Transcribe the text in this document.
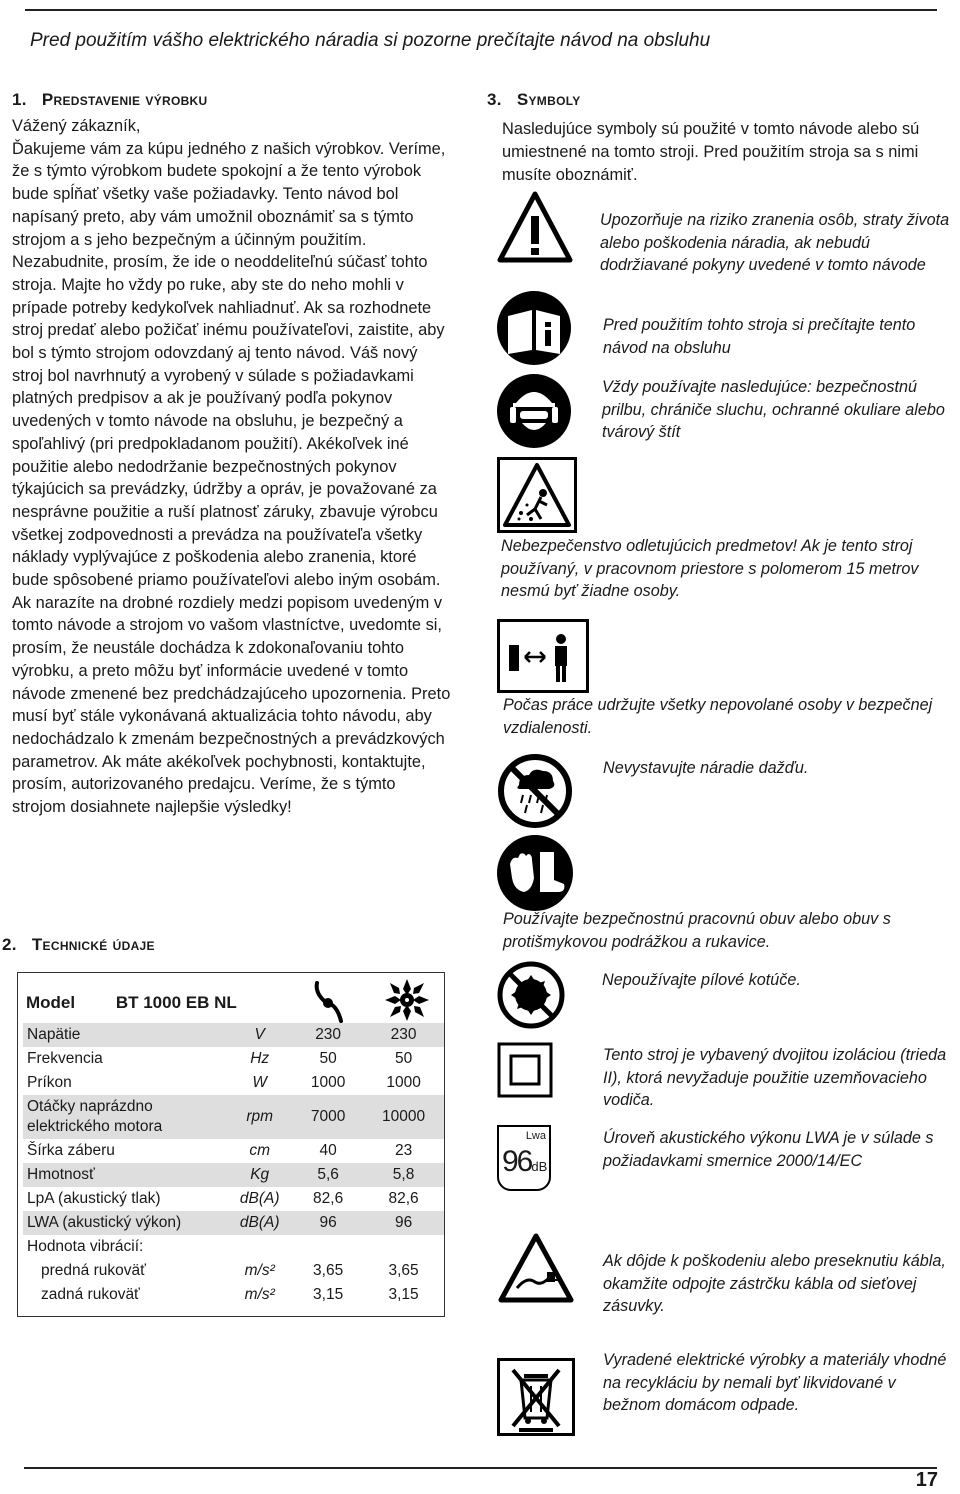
Pred použitím vášho elektrického náradia si pozorne prečítajte návod na obsluhu
1. Predstavenie výrobku
Vážený zákazník,
Ďakujeme vám za kúpu jedného z našich výrobkov. Veríme, že s týmto výrobkom budete spokojní a že tento výrobok bude spĺňať všetky vaše požiadavky. Tento návod bol napísaný preto, aby vám umožnil oboznámiť sa s týmto strojom a s jeho bezpečným a účinným použitím. Nezabudnite, prosím, že ide o neoddeliteľnú súčasť tohto stroja. Majte ho vždy po ruke, aby ste do neho mohli v prípade potreby kedykoľvek nahliadnuť. Ak sa rozhodnete stroj predať alebo požičať inému používateľovi, zaistite, aby bol s týmto strojom odovzdaný aj tento návod. Váš nový stroj bol navrhnutý a vyrobený v súlade s požiadavkami platných predpisov a ak je používaný podľa pokynov uvedených v tomto návode na obsluhu, je bezpečný a spoľahlivý (pri predpokladanom použití). Akékoľvek iné použitie alebo nedodržanie bezpečnostných pokynov týkajúcich sa prevádzky, údržby a opráv, je považované za nesprávne použitie a ruší platnosť záruky, zbavuje výrobcu všetkej zodpovednosti a prevádza na používateľa všetky náklady vyplývajúce z poškodenia alebo zranenia, ktoré bude spôsobené priamo používateľovi alebo iným osobám. Ak narazíte na drobné rozdiely medzi popisom uvedeným v tomto návode a strojom vo vašom vlastníctve, uvedomte si, prosím, že neustále dochádza k zdokonaľovaniu tohto výrobku, a preto môžu byť informácie uvedené v tomto návode zmenené bez predchádzajúceho upozornenia. Preto musí byť stále vykonávaná aktualizácia tohto návodu, aby nedochádzalo k zmenám bezpečnostných a prevádzkových parametrov. Ak máte akékoľvek pochybnosti, kontaktujte, prosím, autorizovaného predajcu. Veríme, že s týmto strojom dosiahnete najlepšie výsledky!
2. Technické údaje
Model BT 1000 EB NL
Napätie	V	230	230
Frekvencia	Hz	50	50
Príkon	W	1000	1000
Otáčky naprázdno elektrického motora	rpm	7000	10000
Šírka záberu	cm	40	23
Hmotnosť	Kg	5,6	5,8
LpA (akustický tlak)	dB(A)	82,6	82,6
LWA (akustický výkon)	dB(A)	96	96
Hodnota vibrácií:			
predná rukoväť	m/s²	3,65	3,65
zadná rukoväť	m/s²	3,15	3,15
3. Symboly
Nasledujúce symboly sú použité v tomto návode alebo sú umiestnené na tomto stroji. Pred použitím stroja sa s nimi musíte oboznámiť.
Upozorňuje na riziko zranenia osôb, straty života alebo poškodenia náradia, ak nebudú dodržiavané pokyny uvedené v tomto návode
Pred použitím tohto stroja si prečítajte tento návod na obsluhu
Vždy používajte nasledujúce: bezpečnostnú prilbu, chrániče sluchu, ochranné okuliare alebo tvárový štít
Nebezpečenstvo odletujúcich predmetov! Ak je tento stroj používaný, v pracovnom priestore s polomerom 15 metrov nesmú byť žiadne osoby.
Počas práce udržujte všetky nepovolané osoby v bezpečnej vzdialenosti.
Nevystavujte náradie dažďu.
Používajte bezpečnostnú pracovnú obuv alebo obuv s protišmykovou podrážkou a rukavice.
Nepoužívajte pílové kotúče.
Tento stroj je vybavený dvojitou izoláciou (trieda II), ktorá nevyžaduje použitie uzemňovacieho vodiča.
Lwa
96dB
Úroveň akustického výkonu LWA je v súlade s požiadavkami smernice 2000/14/EC
Ak dôjde k poškodeniu alebo preseknutiu kábla, okamžite odpojte zástrčku kábla od sieťovej zásuvky.
Vyradené elektrické výrobky a materiály vhodné na recykláciu by nemali byť likvidované v bežnom domácom odpade.
17
